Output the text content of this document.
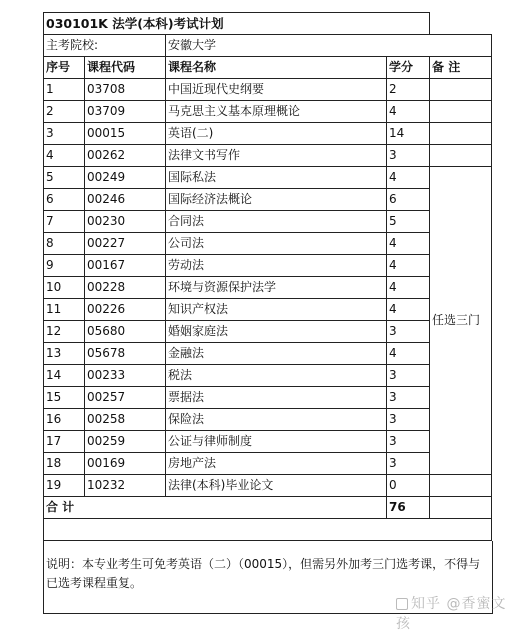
030101K 法学(本科)考试计划				
主考院校:		安徽大学		
序号	课程代码	课程名称	学分	备 注
1	03708	中国近现代史纲要	2	
2	03709	马克思主义基本原理概论	4	
3	00015	英语(二)	14	
4	00262	法律文书写作	3	
5	00249	国际私法	4	任选三门
6	00246	国际经济法概论	6	
7	00230	合同法	5	
8	00227	公司法	4	
9	00167	劳动法	4	
10	00228	环境与资源保护法学	4	
11	00226	知识产权法	4	
12	05680	婚姻家庭法	3	
13	05678	金融法	4	
14	00233	税法	3	
15	00257	票据法	3	
16	00258	保险法	3	
17	00259	公证与律师制度	3	
18	00169	房地产法	3	
19	10232	法律(本科)毕业论文	0	
合 计			76	

说明：本专业考生可免考英语（二）（00015），但需另外加考三门选考课，不得与已选考课程重复。
知乎 @香蜜文孩
